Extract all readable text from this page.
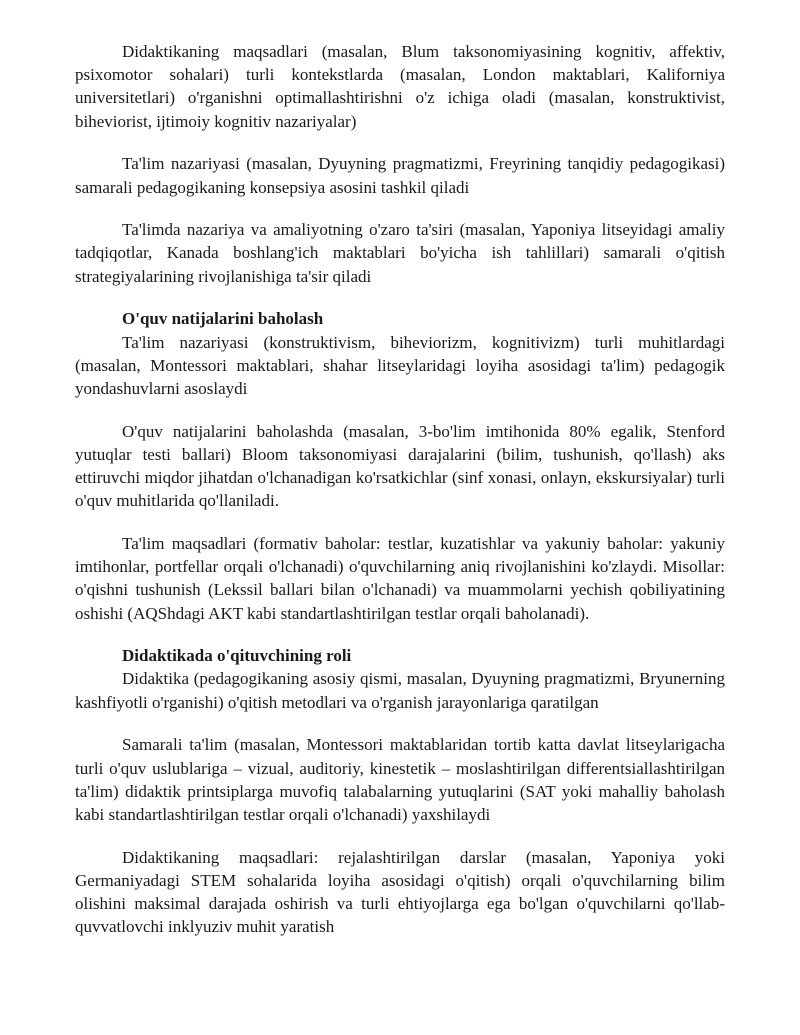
Didaktikaning maqsadlari (masalan, Blum taksonomiyasining kognitiv, affektiv, psixomotor sohalari) turli kontekstlarda (masalan, London maktablari, Kaliforniya universitetlari) o'rganishni optimallashtirishni o'z ichiga oladi (masalan, konstruktivist, biheviorist, ijtimoiy kognitiv nazariyalar)

Ta'lim nazariyasi (masalan, Dyuyning pragmatizmi, Freyrining tanqidiy pedagogikasi) samarali pedagogikaning konsepsiya asosini tashkil qiladi

Ta'limda nazariya va amaliyotning o'zaro ta'siri (masalan, Yaponiya litseyidagi amaliy tadqiqotlar, Kanada boshlang'ich maktablari bo'yicha ish tahlillari) samarali o'qitish strategiyalarining rivojlanishiga ta'sir qiladi

O'quv natijalarini baholash

Ta'lim nazariyasi (konstruktivism, biheviorizm, kognitivizm) turli muhitlardagi (masalan, Montessori maktablari, shahar litseylaridagi loyiha asosidagi ta'lim) pedagogik yondashuvlarni asoslaydi

O'quv natijalarini baholashda (masalan, 3-bo'lim imtihonida 80% egalik, Stenford yutuqlar testi ballari) Bloom taksonomiyasi darajalarini (bilim, tushunish, qo'llash) aks ettiruvchi miqdor jihatdan o'lchanadigan ko'rsatkichlar (sinf xonasi, onlayn, ekskursiyalar) turli o'quv muhitlarida qo'llaniladi.

Ta'lim maqsadlari (formativ baholar: testlar, kuzatishlar va yakuniy baholar: yakuniy imtihonlar, portfellar orqali o'lchanadi) o'quvchilarning aniq rivojlanishini ko'zlaydi. Misollar: o'qishni tushunish (Lekssil ballari bilan o'lchanadi) va muammolarni yechish qobiliyatining oshishi (AQShdagi AKT kabi standartlashtirilgan testlar orqali baholanadi).

Didaktikada o'qituvchining roli

Didaktika (pedagogikaning asosiy qismi, masalan, Dyuyning pragmatizmi, Bryunerning kashfiyotli o'rganishi) o'qitish metodlari va o'rganish jarayonlariga qaratilgan

Samarali ta'lim (masalan, Montessori maktablaridan tortib katta davlat litseylarigacha turli o'quv uslublariga – vizual, auditoriy, kinestetik – moslashtirilgan differentsiallashtirilgan ta'lim) didaktik printsiplarga muvofiq talabalarning yutuqlarini (SAT yoki mahalliy baholash kabi standartlashtirilgan testlar orqali o'lchanadi) yaxshilaydi

Didaktikaning maqsadlari: rejalashtirilgan darslar (masalan, Yaponiya yoki Germaniyadagi STEM sohalarida loyiha asosidagi o'qitish) orqali o'quvchilarning bilim olishini maksimal darajada oshirish va turli ehtiyojlarga ega bo'lgan o'quvchilarni qo'llab-quvvatlovchi inklyuziv muhit yaratish
